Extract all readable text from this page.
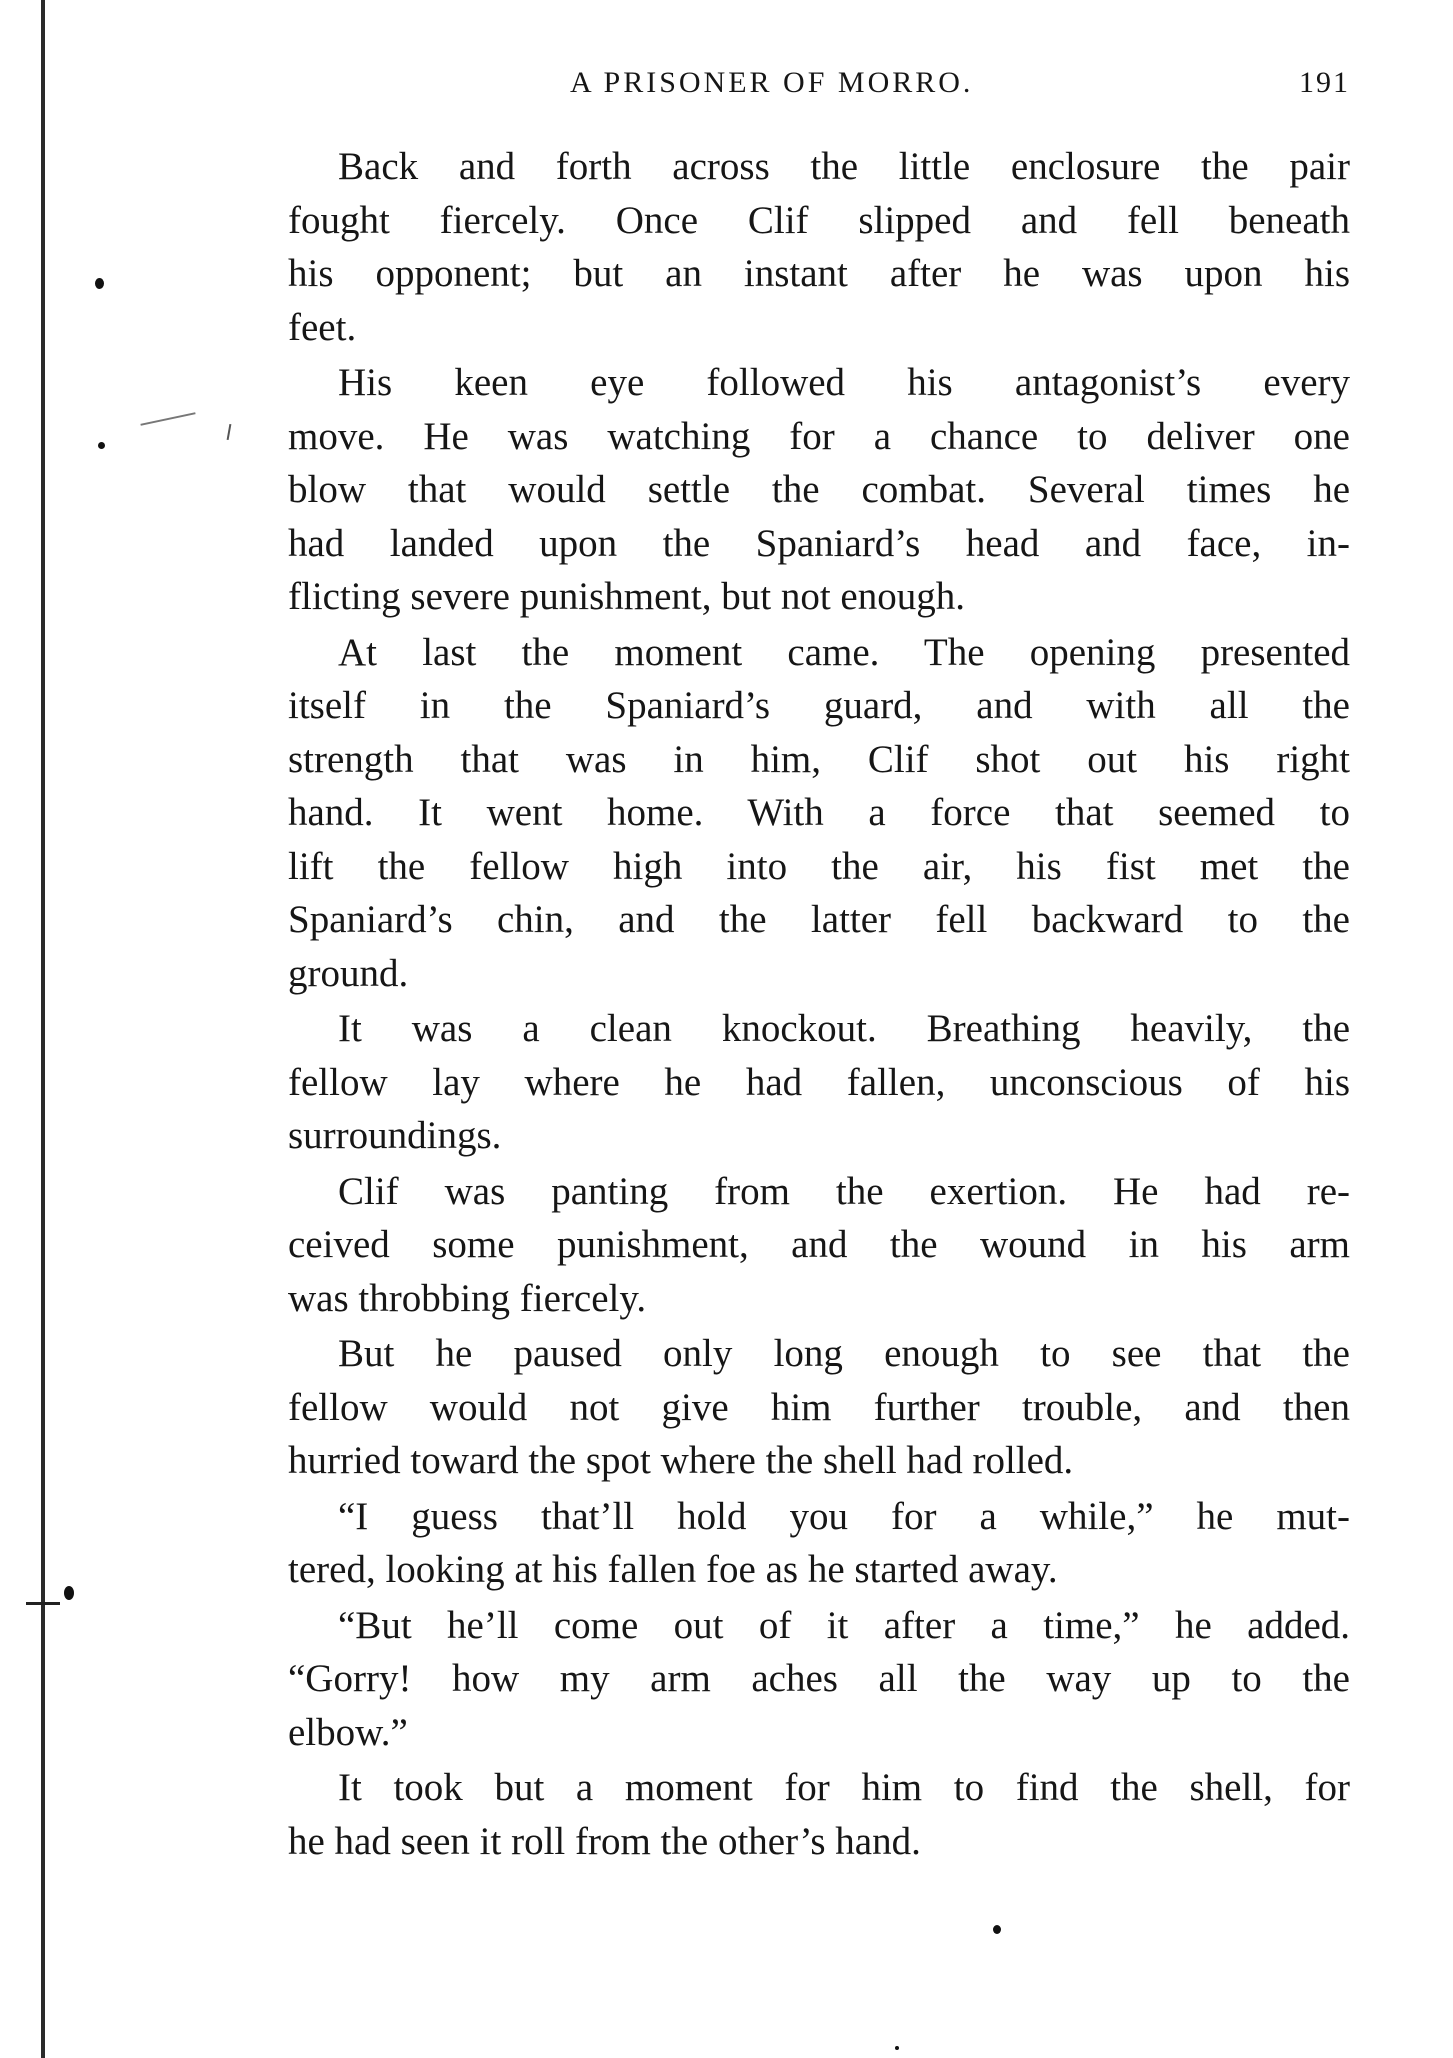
A PRISONER OF MORRO.	191
Back and forth across the little enclosure the pair
fought fiercely. Once Clif slipped and fell beneath
his opponent; but an instant after he was upon his
feet.
His keen eye followed his antagonist’s every
move. He was watching for a chance to deliver one
blow that would settle the combat. Several times he
had landed upon the Spaniard’s head and face, in-
flicting severe punishment, but not enough.
At last the moment came. The opening presented
itself in the Spaniard’s guard, and with all the
strength that was in him, Clif shot out his right
hand. It went home. With a force that seemed to
lift the fellow high into the air, his fist met the
Spaniard’s chin, and the latter fell backward to the
ground.
It was a clean knockout. Breathing heavily, the
fellow lay where he had fallen, unconscious of his
surroundings.
Clif was panting from the exertion. He had re-
ceived some punishment, and the wound in his arm
was throbbing fiercely.
But he paused only long enough to see that the
fellow would not give him further trouble, and then
hurried toward the spot where the shell had rolled.
“I guess that’ll hold you for a while,” he mut-
tered, looking at his fallen foe as he started away.
“But he’ll come out of it after a time,” he added.
“Gorry! how my arm aches all the way up to the
elbow.”
It took but a moment for him to find the shell, for
he had seen it roll from the other’s hand.
